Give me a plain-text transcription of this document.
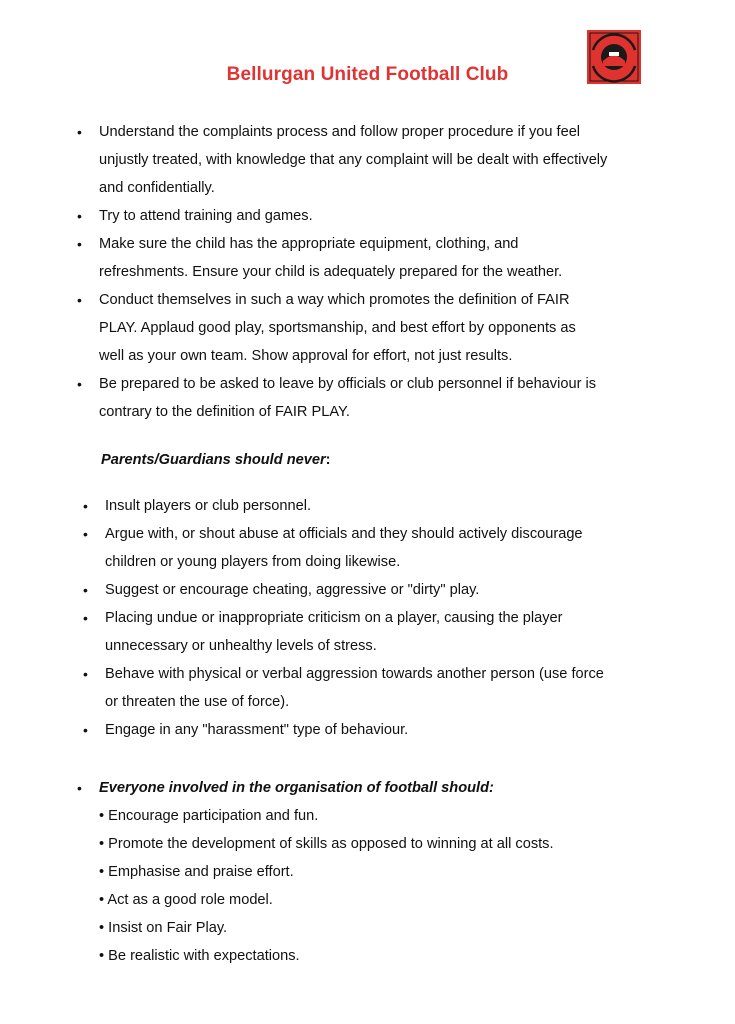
Bellurgan United Football Club
• Understand the complaints process and follow proper procedure if you feel
unjustly treated, with knowledge that any complaint will be dealt with effectively
and confidentially.
• Try to attend training and games.
• Make sure the child has the appropriate equipment, clothing, and
refreshments. Ensure your child is adequately prepared for the weather.
• Conduct themselves in such a way which promotes the definition of FAIR
PLAY. Applaud good play, sportsmanship, and best effort by opponents as
well as your own team. Show approval for effort, not just results.
• Be prepared to be asked to leave by officials or club personnel if behaviour is
contrary to the definition of FAIR PLAY.
Parents/Guardians should never:
• Insult players or club personnel.
• Argue with, or shout abuse at officials and they should actively discourage
children or young players from doing likewise.
• Suggest or encourage cheating, aggressive or "dirty" play.
• Placing undue or inappropriate criticism on a player, causing the player
unnecessary or unhealthy levels of stress.
• Behave with physical or verbal aggression towards another person (use force
or threaten the use of force).
• Engage in any "harassment" type of behaviour.
• Everyone involved in the organisation of football should:
• Encourage participation and fun.
• Promote the development of skills as opposed to winning at all costs.
• Emphasise and praise effort.
• Act as a good role model.
• Insist on Fair Play.
• Be realistic with expectations.
